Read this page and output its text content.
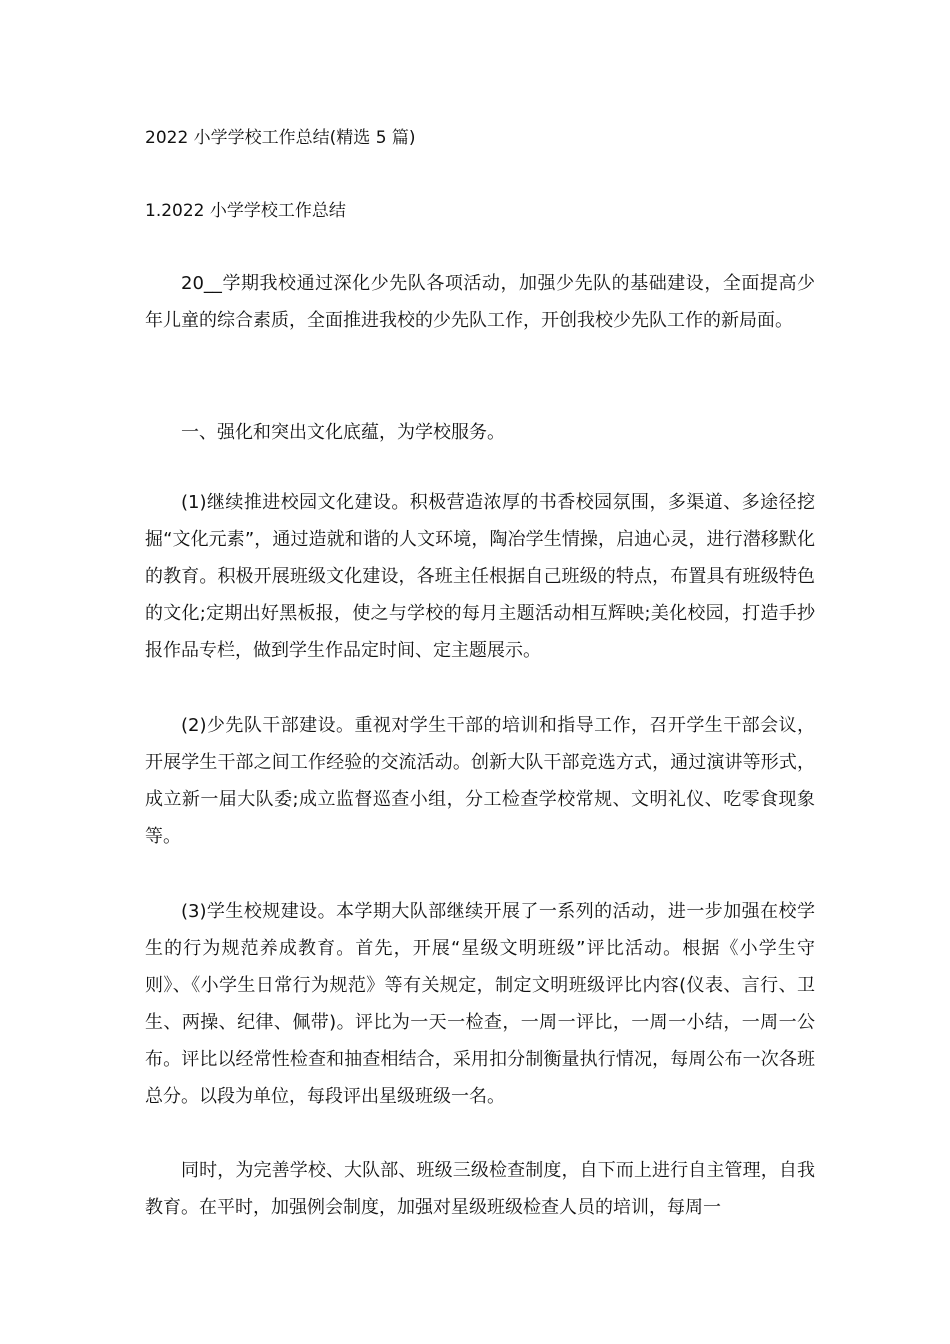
2022 小学学校工作总结(精选 5 篇)
1.2022 小学学校工作总结

20__学期我校通过深化少先队各项活动，加强少先队的基础建设，全面提高少年儿童的综合素质，全面推进我校的少先队工作，开创我校少先队工作的新局面。

一、强化和突出文化底蕴，为学校服务。

(1)继续推进校园文化建设。积极营造浓厚的书香校园氛围，多渠道、多途径挖掘“文化元素”，通过造就和谐的人文环境，陶冶学生情操，启迪心灵，进行潜移默化的教育。积极开展班级文化建设，各班主任根据自己班级的特点，布置具有班级特色的文化;定期出好黑板报，使之与学校的每月主题活动相互辉映;美化校园，打造手抄报作品专栏，做到学生作品定时间、定主题展示。

(2)少先队干部建设。重视对学生干部的培训和指导工作，召开学生干部会议，开展学生干部之间工作经验的交流活动。创新大队干部竞选方式，通过演讲等形式，成立新一届大队委;成立监督巡查小组，分工检查学校常规、文明礼仪、吃零食现象等。

(3)学生校规建设。本学期大队部继续开展了一系列的活动，进一步加强在校学生的行为规范养成教育。首先，开展“星级文明班级”评比活动。根据《小学生守则》、《小学生日常行为规范》等有关规定，制定文明班级评比内容(仪表、言行、卫生、两操、纪律、佩带)。评比为一天一检查，一周一评比，一周一小结，一周一公布。评比以经常性检查和抽查相结合，采用扣分制衡量执行情况，每周公布一次各班总分。以段为单位，每段评出星级班级一名。

同时，为完善学校、大队部、班级三级检查制度，自下而上进行自主管理，自我教育。在平时，加强例会制度，加强对星级班级检查人员的培训，每周一
